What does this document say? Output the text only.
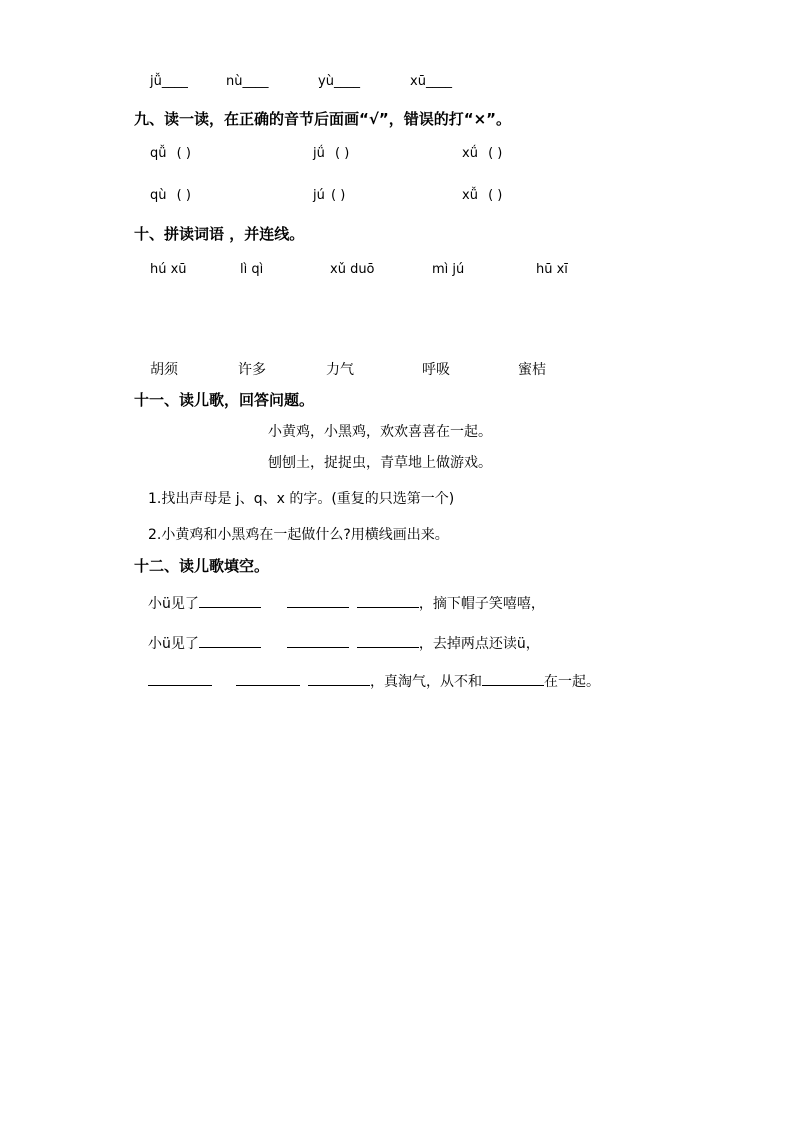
jǚ____	nù____	yù____	xū____
九、读一读，在正确的音节后面画“√”，错误的打“×”。
qǚ ( )	jǘ ( )	xǘ ( )
qù ( )	jú ( )	xǚ ( )
十、拼读词语 ，并连线。
hú xū	lì qì	xǔ duō	mì jú	hū xī
胡须	许多	力气	呼吸	蜜桔
十一、读儿歌，回答问题。
小黄鸡，小黑鸡，欢欢喜喜在一起。
刨刨土，捉捉虫，青草地上做游戏。
1.找出声母是 j、q、x 的字。(重复的只选第一个)
2.小黄鸡和小黑鸡在一起做什么?用横线画出来。
十二、读儿歌填空。
小ü见了	，摘下帽子笑嘻嘻，
小ü见了	，去掉两点还读ü，
，真淘气，从不和	在一起。
